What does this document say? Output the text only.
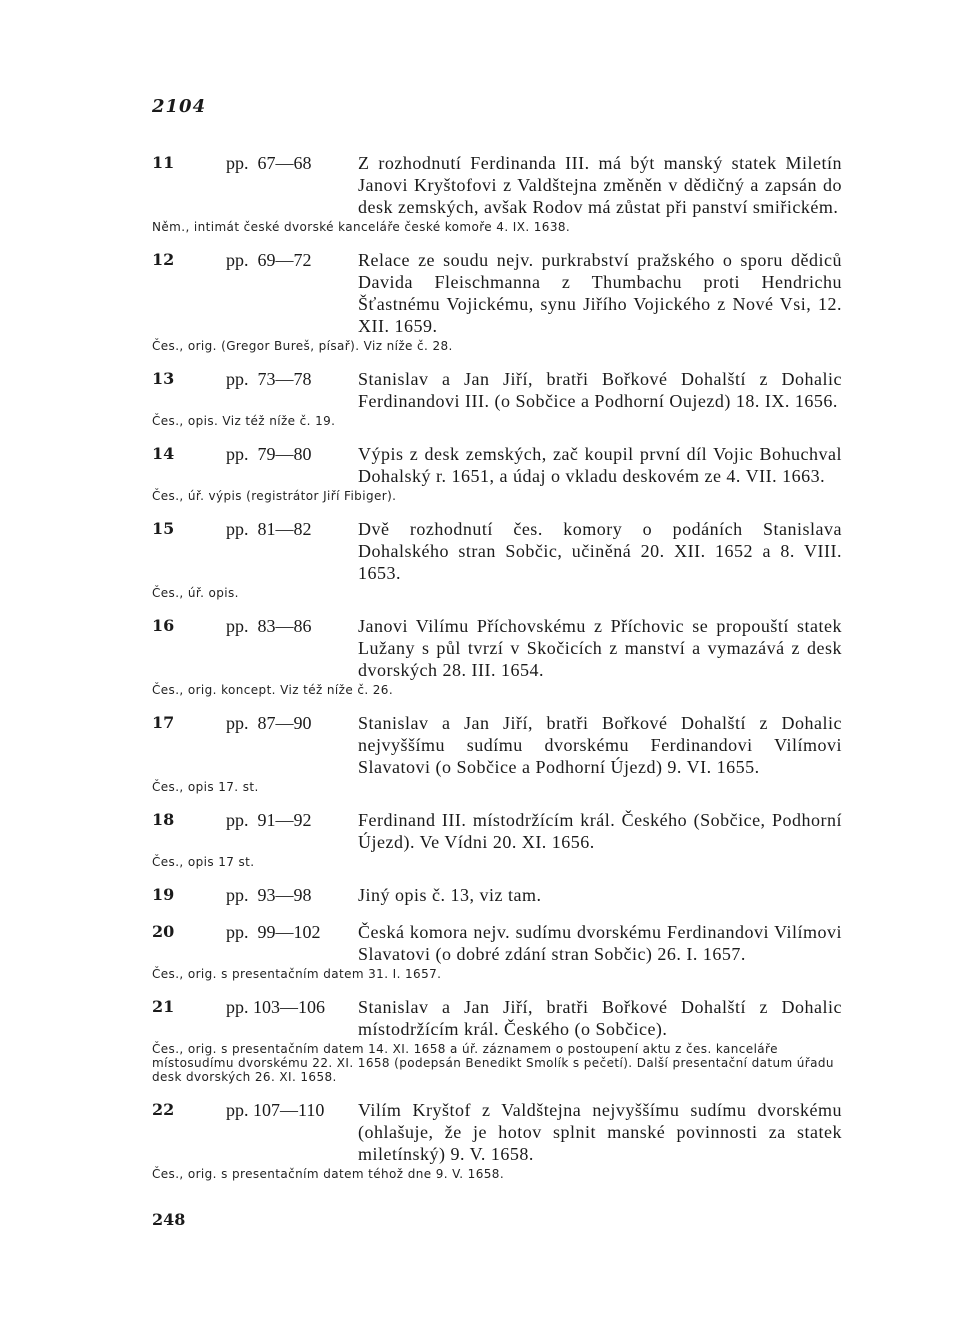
2104
11	pp.  67—68	Z rozhodnutí Ferdinanda III. má být manský statek Miletín Janovi Kryštofovi z Valdštejna změněn v dědičný a zapsán do desk zemských, avšak Rodov má zůstat při panství smiřickém.
Něm., intimát české dvorské kanceláře české komoře 4. IX. 1638.
12	pp.  69—72	Relace ze soudu nejv. purkrabství pražského o sporu dědiců Davida Fleischmanna z Thumbachu proti Hendrichu Šťastnému Vojickému, synu Jiřího Vojického z Nové Vsi, 12. XII. 1659.
Čes., orig. (Gregor Bureš, písař). Viz níže č. 28.
13	pp.  73—78	Stanislav a Jan Jiří, bratři Bořkové Dohalští z Dohalic Ferdinandovi III. (o Sobčice a Podhorní Oujezd) 18. IX. 1656.
Čes., opis. Viz též níže č. 19.
14	pp.  79—80	Výpis z desk zemských, zač koupil první díl Vojic Bohuchval Dohalský r. 1651, a údaj o vkladu deskovém ze 4. VII. 1663.
Čes., úř. výpis (registrátor Jiří Fibiger).
15	pp.  81—82	Dvě rozhodnutí čes. komory o podáních Stanislava Dohalského stran Sobčic, učiněná 20. XII. 1652 a 8. VIII. 1653.
Čes., úř. opis.
16	pp.  83—86	Janovi Vilímu Příchovskému z Příchovic se propouští statek Lužany s půl tvrzí v Skočicích z manství a vymazává z desk dvorských 28. III. 1654.
Čes., orig. koncept. Viz též níže č. 26.
17	pp.  87—90	Stanislav a Jan Jiří, bratři Bořkové Dohalští z Dohalic nejvyššímu sudímu dvorskému Ferdinandovi Vilímovi Slavatovi (o Sobčice a Podhorní Újezd) 9. VI. 1655.
Čes., opis 17. st.
18	pp.  91—92	Ferdinand III. místodržícím král. Českého (Sobčice, Podhorní Újezd). Ve Vídni 20. XI. 1656.
Čes., opis 17 st.
19	pp.  93—98	Jiný opis č. 13, viz tam.
20	pp.  99—102	Česká komora nejv. sudímu dvorskému Ferdinandovi Vilímovi Slavatovi (o dobré zdání stran Sobčic) 26. I. 1657.
Čes., orig. s presentačním datem 31. I. 1657.
21	pp. 103—106	Stanislav a Jan Jiří, bratři Bořkové Dohalští z Dohalic místodržícím král. Českého (o Sobčice).
Čes., orig. s presentačním datem 14. XI. 1658 a úř. záznamem o postoupení aktu z čes. kanceláře místosudímu dvorskému 22. XI. 1658 (podepsán Benedikt Smolík s pečetí). Další presentační datum úřadu desk dvorských 26. XI. 1658.
22	pp. 107—110	Vilím Kryštof z Valdštejna nejvyššímu sudímu dvorskému (ohlašuje, že je hotov splnit manské povinnosti za statek miletínský) 9. V. 1658.
Čes., orig. s presentačním datem téhož dne 9. V. 1658.
248
